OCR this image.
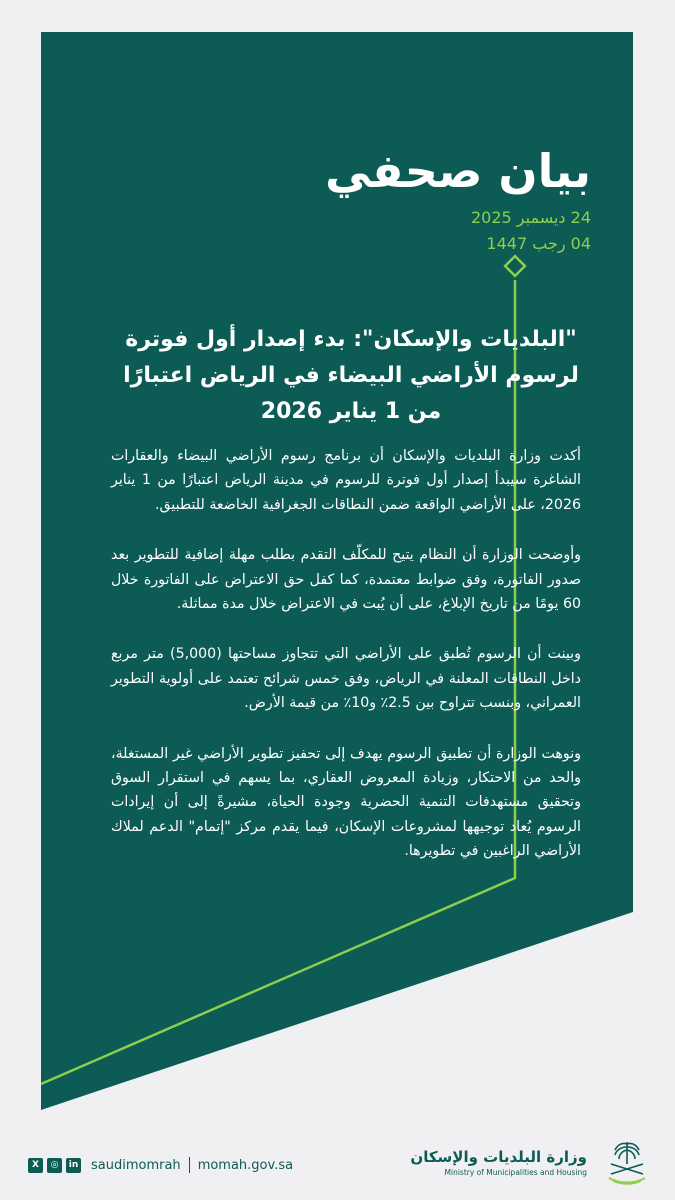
بيان صحفي
24 ديسمبر 2025
04 رجب 1447
"البلديات والإسكان": بدء إصدار أول فوترة لرسوم الأراضي البيضاء في الرياض اعتبارًا من 1 يناير 2026

أكدت وزارة البلديات والإسكان أن برنامج رسوم الأراضي البيضاء والعقارات الشاغرة سيبدأ إصدار أول فوترة للرسوم في مدينة الرياض اعتبارًا من 1 يناير 2026، على الأراضي الواقعة ضمن النطاقات الجغرافية الخاضعة للتطبيق.

وأوضحت الوزارة أن النظام يتيح للمكلّف التقدم بطلب مهلة إضافية للتطوير بعد صدور الفاتورة، وفق ضوابط معتمدة، كما كفل حق الاعتراض على الفاتورة خلال 60 يومًا من تاريخ الإبلاغ، على أن يُبت في الاعتراض خلال مدة مماثلة.

وبينت أن الرسوم تُطبق على الأراضي التي تتجاوز مساحتها (5,000) متر مربع داخل النطاقات المعلنة في الرياض، وفق خمس شرائح تعتمد على أولوية التطوير العمراني، وبنسب تتراوح بين 2.5٪ و10٪ من قيمة الأرض.

ونوهت الوزارة أن تطبيق الرسوم يهدف إلى تحفيز تطوير الأراضي غير المستغلة، والحد من الاحتكار، وزيادة المعروض العقاري، بما يسهم في استقرار السوق وتحقيق مستهدفات التنمية الحضرية وجودة الحياة، مشيرةً إلى أن إيرادات الرسوم يُعاد توجيهها لمشروعات الإسكان، فيما يقدم مركز "إتمام" الدعم لملاك الأراضي الراغبين في تطويرها.

X	◎	in saudimomrah momah.gov.sa	وزارة البلديات والإسكان
Ministry of Municipalities and Housing
